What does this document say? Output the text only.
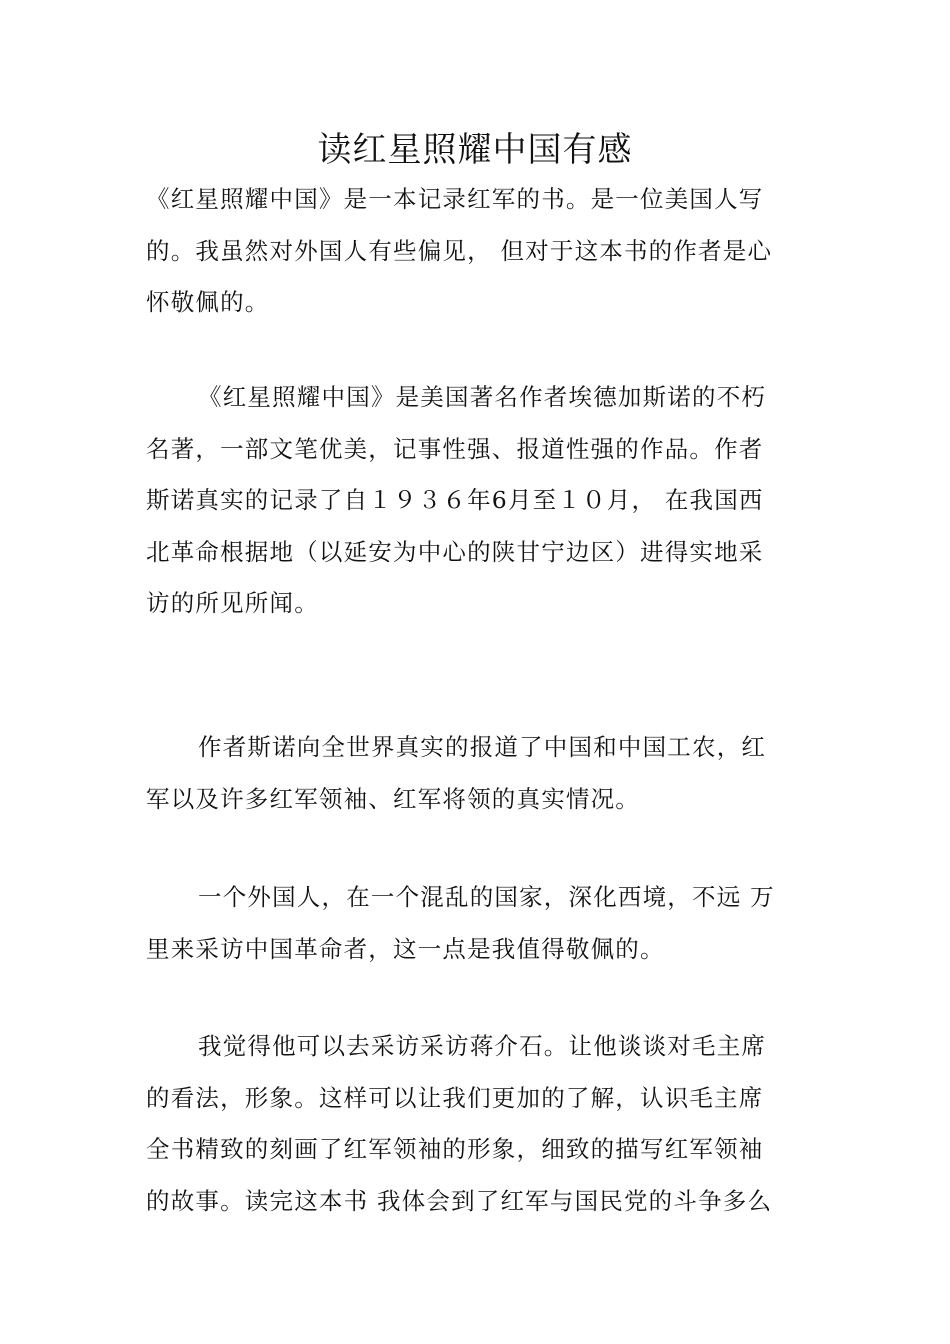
读红星照耀中国有感
《红星照耀中国》是一本记录红军的书。是一位美国人写
的。我虽然对外国人有些偏见， 但对于这本书的作者是心
怀敬佩的。
《红星照耀中国》是美国著名作者埃德加斯诺的不朽
名著，一部文笔优美，记事性强、报道性强的作品。作者
斯诺真实的记录了自１９３６年6月至１０月， 在我国西
北革命根据地（以延安为中心的陕甘宁边区）进得实地采
访的所见所闻。
作者斯诺向全世界真实的报道了中国和中国工农，红
军以及许多红军领袖、红军将领的真实情况。
一个外国人，在一个混乱的国家，深化西境，不远 万
里来采访中国革命者，这一点是我值得敬佩的。
我觉得他可以去采访采访蒋介石。让他谈谈对毛主席
的看法，形象。这样可以让我们更加的了解，认识毛主席
全书精致的刻画了红军领袖的形象，细致的描写红军领袖
的故事。读完这本书 我体会到了红军与国民党的斗争多么
